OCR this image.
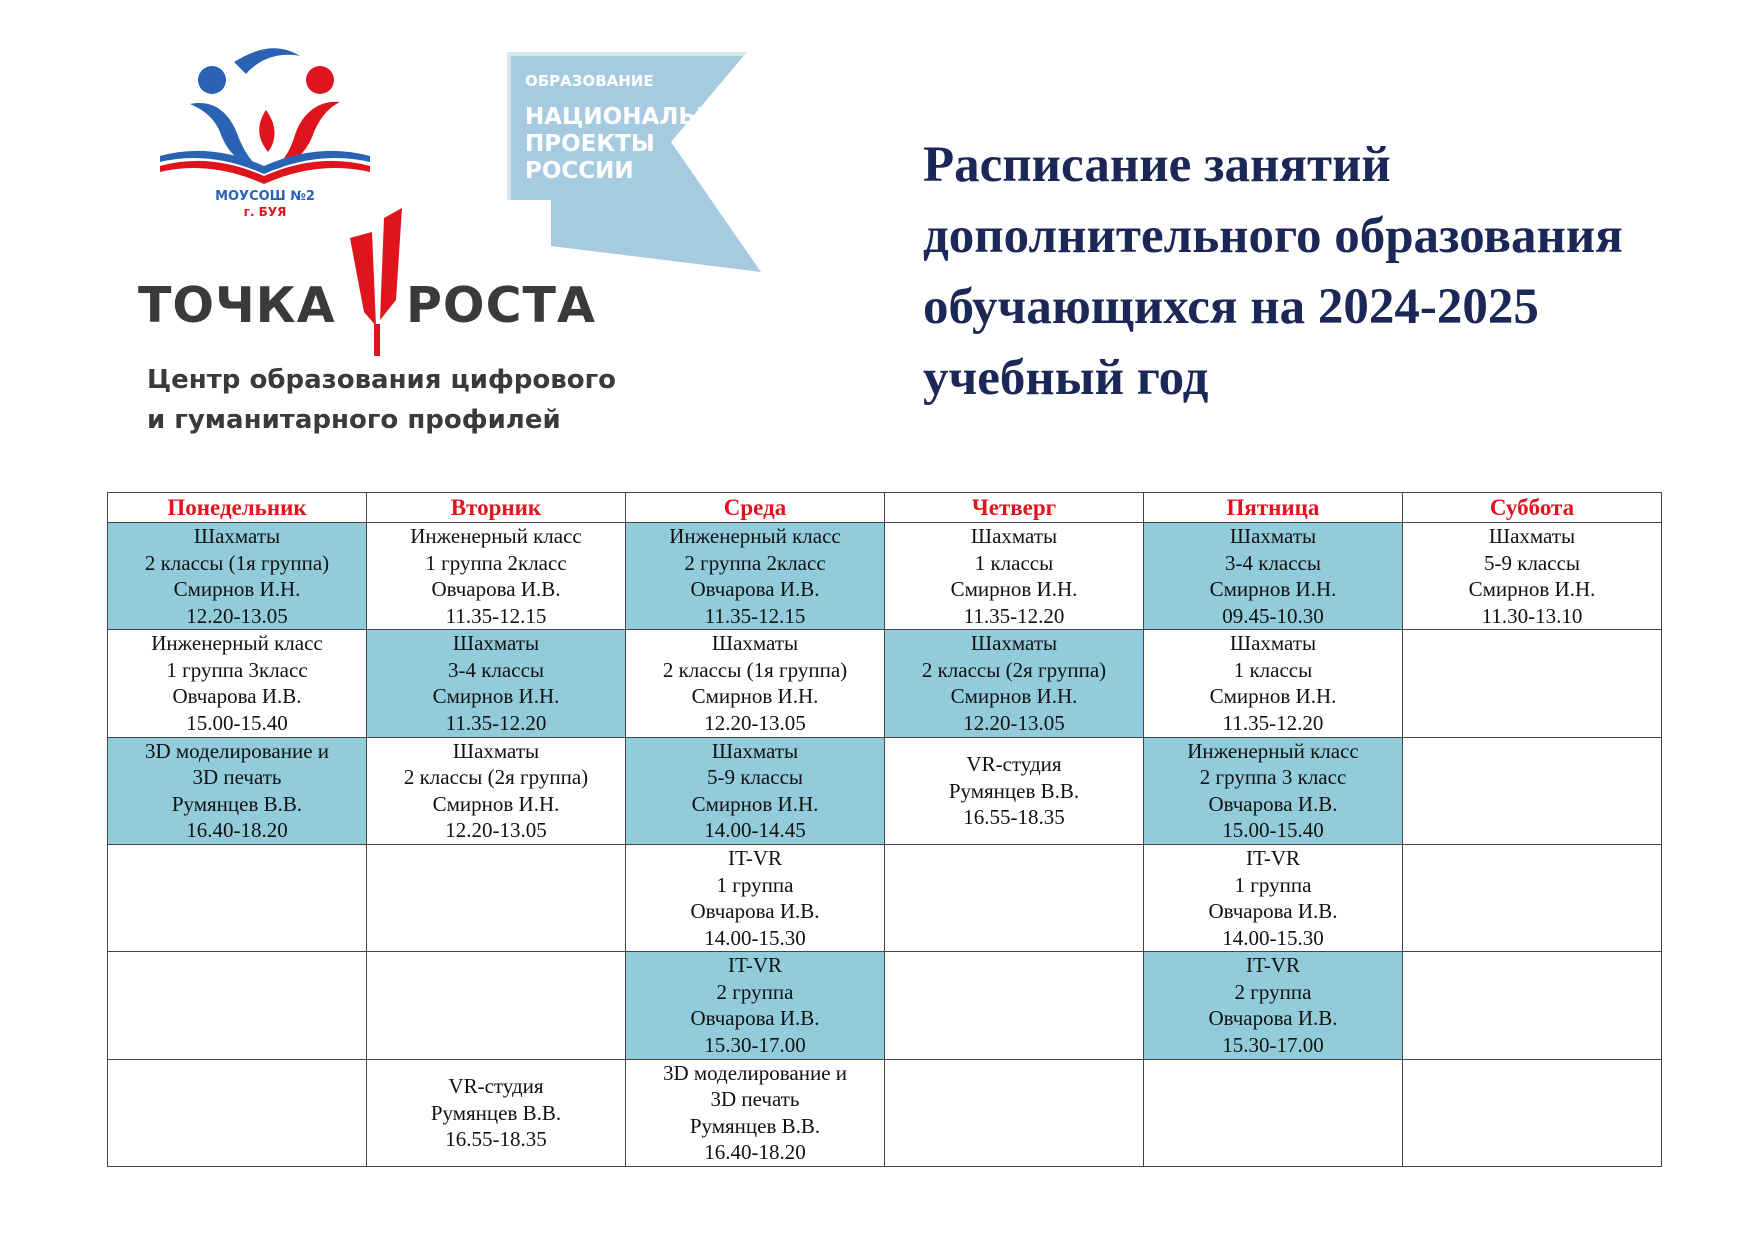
МОУСОШ №2
г. БУЯ
ОБРАЗОВАНИЕ
НАЦИОНАЛЬНЫЕ
ПРОЕКТЫ
РОССИИ
ТОЧКА РОСТА
Центр образования цифрового
и гуманитарного профилей
Расписание занятий
дополнительного образования
обучающихся на 2024-2025
учебный год
Понедельник	Вторник	Среда	Четверг	Пятница	Суббота

Шахматы
2 классы (1я группа)
Смирнов И.Н.
12.20-13.05	Инженерный класс
1 группа 2класс
Овчарова И.В.
11.35-12.15	Инженерный класс
2 группа 2класс
Овчарова И.В.
11.35-12.15	Шахматы
1 классы
Смирнов И.Н.
11.35-12.20	Шахматы
3-4 классы
Смирнов И.Н.
09.45-10.30	Шахматы
5-9 классы
Смирнов И.Н.
11.30-13.10

Инженерный класс
1 группа 3класс
Овчарова И.В.
15.00-15.40	Шахматы
3-4 классы
Смирнов И.Н.
11.35-12.20	Шахматы
2 классы (1я группа)
Смирнов И.Н.
12.20-13.05	Шахматы
2 классы (2я группа)
Смирнов И.Н.
12.20-13.05	Шахматы
1 классы
Смирнов И.Н.
11.35-12.20	

3D моделирование и
3D печать
Румянцев В.В.
16.40-18.20	Шахматы
2 классы (2я группа)
Смирнов И.Н.
12.20-13.05	Шахматы
5-9 классы
Смирнов И.Н.
14.00-14.45	VR-студия
Румянцев В.В.
16.55-18.35	Инженерный класс
2 группа 3 класс
Овчарова И.В.
15.00-15.40	

		IT-VR
1 группа
Овчарова И.В.
14.00-15.30		IT-VR
1 группа
Овчарова И.В.
14.00-15.30	

		IT-VR
2 группа
Овчарова И.В.
15.30-17.00		IT-VR
2 группа
Овчарова И.В.
15.30-17.00	

	VR-студия
Румянцев В.В.
16.55-18.35	3D моделирование и
3D печать
Румянцев В.В.
16.40-18.20			
